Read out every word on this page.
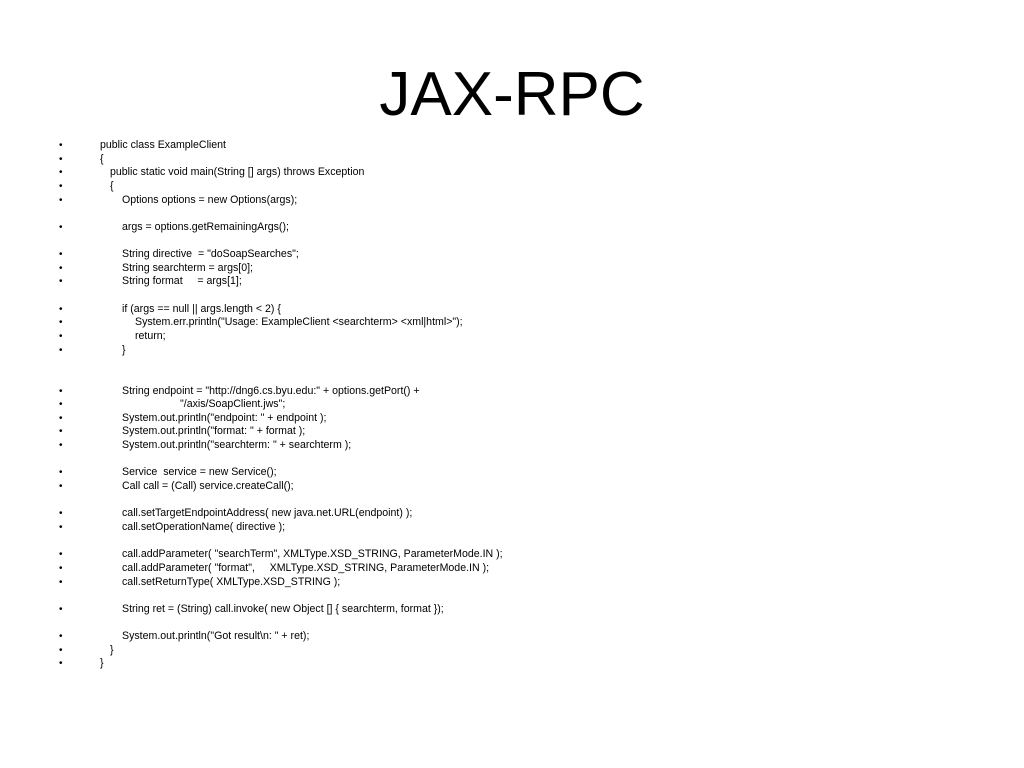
JAX-RPC
•	public class ExampleClient
•	{
•	public static void main(String [] args) throws Exception
•	{
•	Options options = new Options(args);
•	args = options.getRemainingArgs();
•	String directive  = "doSoapSearches";
•	String searchterm = args[0];
•	String format     = args[1];
•	if (args == null || args.length < 2) {
•	System.err.println("Usage: ExampleClient <searchterm> <xml|html>");
•	return;
•	}
•	String endpoint = "http://dng6.cs.byu.edu:" + options.getPort() +
•	"/axis/SoapClient.jws";
•	System.out.println("endpoint: " + endpoint );
•	System.out.println("format: " + format );
•	System.out.println("searchterm: " + searchterm );
•	Service  service = new Service();
•	Call call = (Call) service.createCall();
•	call.setTargetEndpointAddress( new java.net.URL(endpoint) );
•	call.setOperationName( directive );
•	call.addParameter( "searchTerm", XMLType.XSD_STRING, ParameterMode.IN );
•	call.addParameter( "format",     XMLType.XSD_STRING, ParameterMode.IN );
•	call.setReturnType( XMLType.XSD_STRING );
•	String ret = (String) call.invoke( new Object [] { searchterm, format });
•	System.out.println("Got result\n: " + ret);
•	}
•	}
